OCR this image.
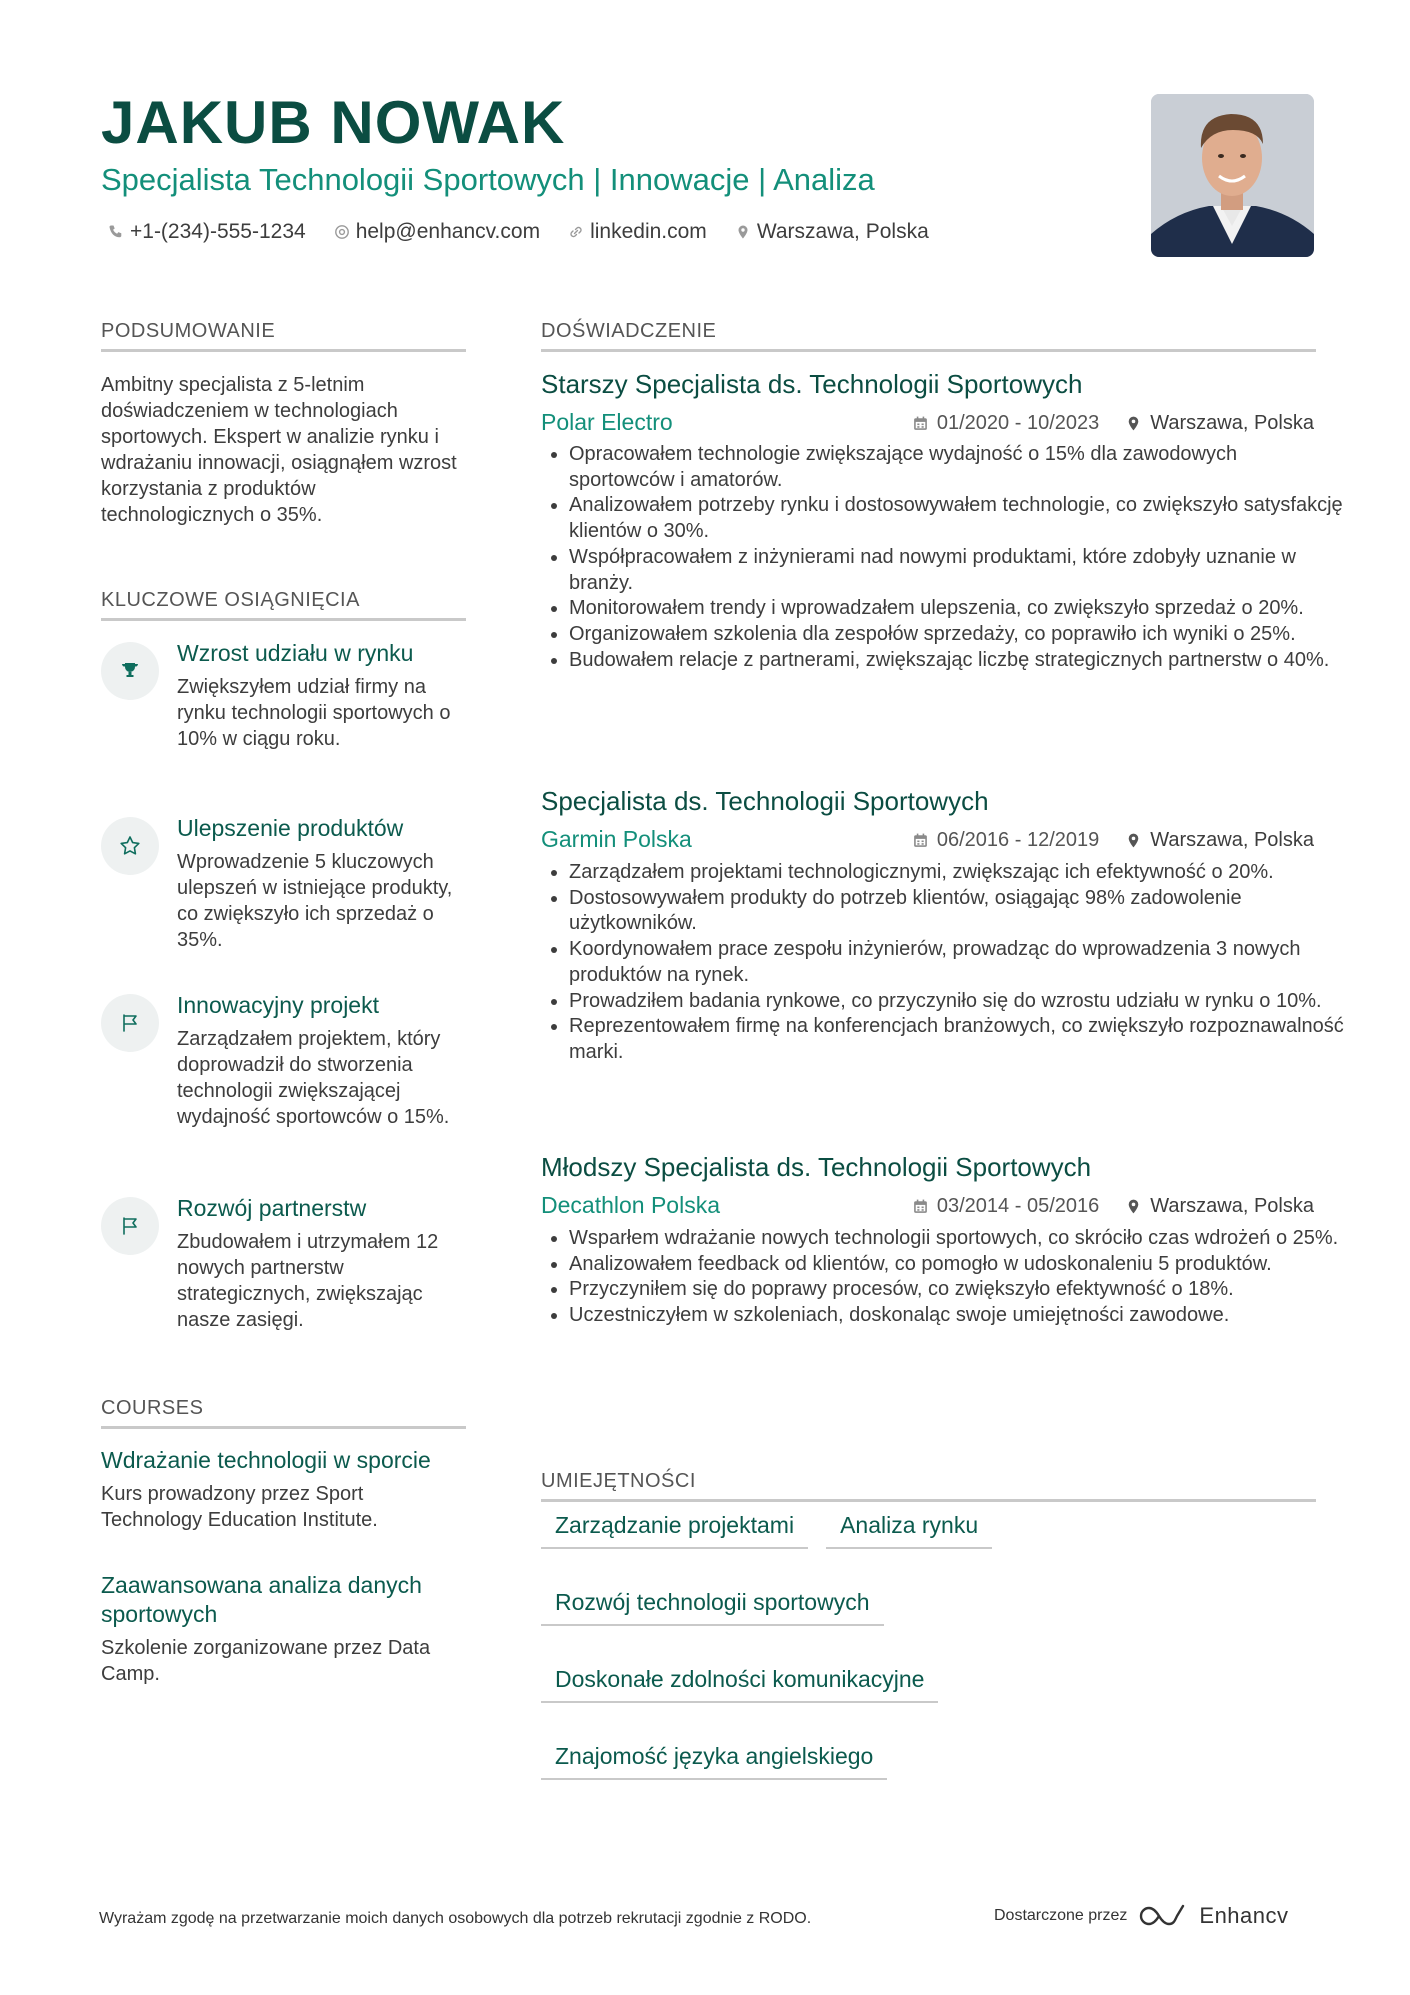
JAKUB NOWAK
Specjalista Technologii Sportowych | Innowacje | Analiza
+1-(234)-555-1234 help@enhancv.com linkedin.com Warszawa, Polska
PODSUMOWANIE

Ambitny specjalista z 5-letnim doświadczeniem w technologiach sportowych. Ekspert w analizie rynku i wdrażaniu innowacji, osiągnąłem wzrost korzystania z produktów technologicznych o 35%.

KLUCZOWE OSIĄGNIĘCIA
Wzrost udziału w rynku
Zwiększyłem udział firmy na rynku technologii sportowych o 10% w ciągu roku.
Ulepszenie produktów
Wprowadzenie 5 kluczowych ulepszeń w istniejące produkty, co zwiększyło ich sprzedaż o 35%.
Innowacyjny projekt
Zarządzałem projektem, który doprowadził do stworzenia technologii zwiększającej wydajność sportowców o 15%.
Rozwój partnerstw
Zbudowałem i utrzymałem 12 nowych partnerstw strategicznych, zwiększając nasze zasięgi.
COURSES
Wdrażanie technologii w sporcie
Kurs prowadzony przez Sport Technology Education Institute.
Zaawansowana analiza danych sportowych
Szkolenie zorganizowane przez Data Camp.
DOŚWIADCZENIE
Starszy Specjalista ds. Technologii Sportowych
Polar Electro	01/2020 - 10/2023	Warszawa, Polska
• Opracowałem technologie zwiększające wydajność o 15% dla zawodowych sportowców i amatorów.
• Analizowałem potrzeby rynku i dostosowywałem technologie, co zwiększyło satysfakcję klientów o 30%.
• Współpracowałem z inżynierami nad nowymi produktami, które zdobyły uznanie w branży.
• Monitorowałem trendy i wprowadzałem ulepszenia, co zwiększyło sprzedaż o 20%.
• Organizowałem szkolenia dla zespołów sprzedaży, co poprawiło ich wyniki o 25%.
• Budowałem relacje z partnerami, zwiększając liczbę strategicznych partnerstw o 40%.
Specjalista ds. Technologii Sportowych
Garmin Polska	06/2016 - 12/2019	Warszawa, Polska
• Zarządzałem projektami technologicznymi, zwiększając ich efektywność o 20%.
• Dostosowywałem produkty do potrzeb klientów, osiągając 98% zadowolenie użytkowników.
• Koordynowałem prace zespołu inżynierów, prowadząc do wprowadzenia 3 nowych produktów na rynek.
• Prowadziłem badania rynkowe, co przyczyniło się do wzrostu udziału w rynku o 10%.
• Reprezentowałem firmę na konferencjach branżowych, co zwiększyło rozpoznawalność marki.
Młodszy Specjalista ds. Technologii Sportowych
Decathlon Polska	03/2014 - 05/2016	Warszawa, Polska
• Wsparłem wdrażanie nowych technologii sportowych, co skróciło czas wdrożeń o 25%.
• Analizowałem feedback od klientów, co pomogło w udoskonaleniu 5 produktów.
• Przyczyniłem się do poprawy procesów, co zwiększyło efektywność o 18%.
• Uczestniczyłem w szkoleniach, doskonaląc swoje umiejętności zawodowe.
UMIEJĘTNOŚCI
Zarządzanie projektami	Analiza rynku
Rozwój technologii sportowych
Doskonałe zdolności komunikacyjne
Znajomość języka angielskiego
Wyrażam zgodę na przetwarzanie moich danych osobowych dla potrzeb rekrutacji zgodnie z RODO.	Dostarczone przez	Enhancv
